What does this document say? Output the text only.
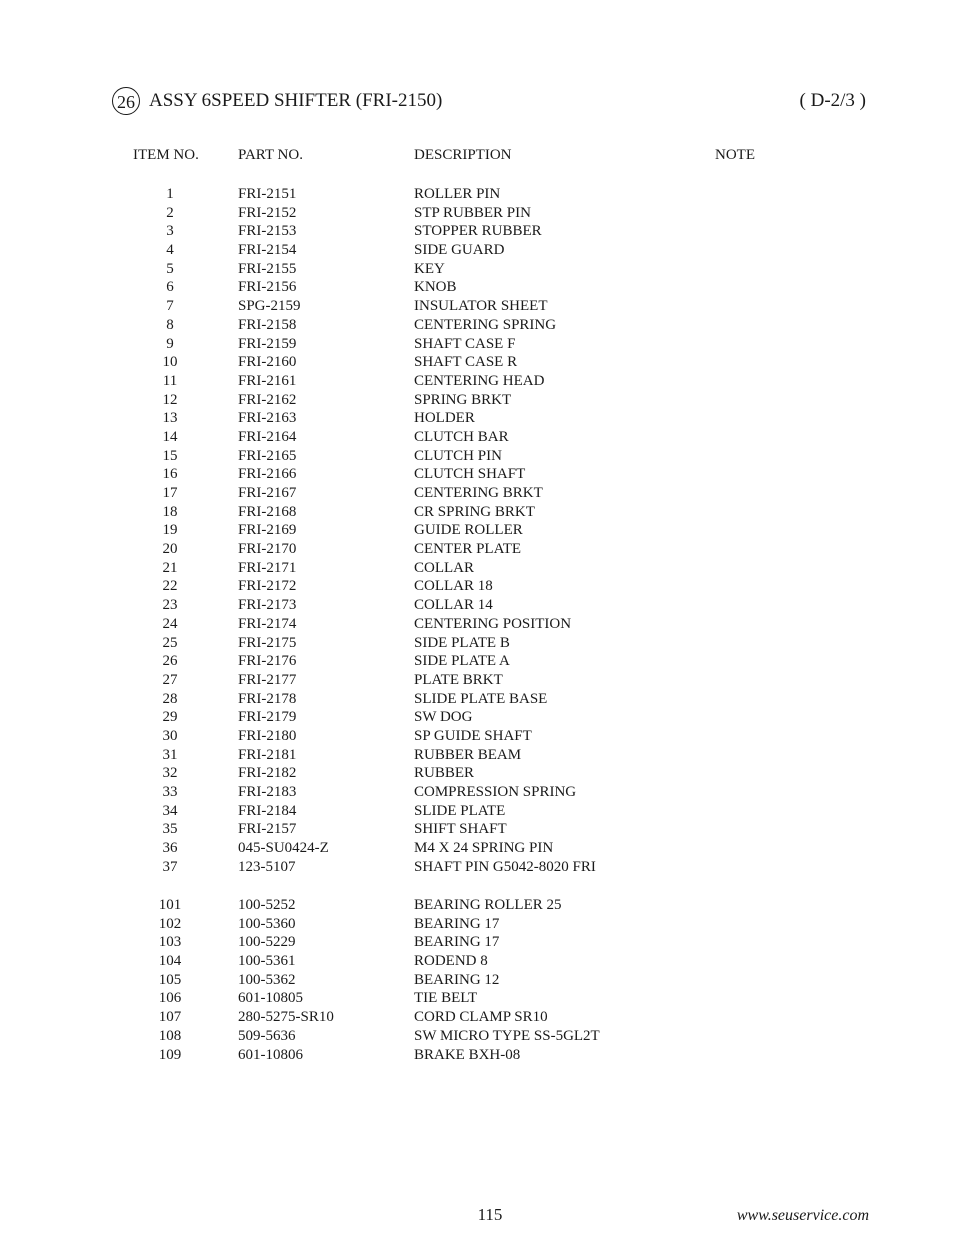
26 ASSY 6SPEED SHIFTER (FRI-2150)	( D-2/3 )
ITEM NO.	PART NO.	DESCRIPTION	NOTE
1	FRI-2151	ROLLER PIN
2	FRI-2152	STP RUBBER PIN
3	FRI-2153	STOPPER RUBBER
4	FRI-2154	SIDE GUARD
5	FRI-2155	KEY
6	FRI-2156	KNOB
7	SPG-2159	INSULATOR SHEET
8	FRI-2158	CENTERING SPRING
9	FRI-2159	SHAFT CASE F
10	FRI-2160	SHAFT CASE R
11	FRI-2161	CENTERING HEAD
12	FRI-2162	SPRING BRKT
13	FRI-2163	HOLDER
14	FRI-2164	CLUTCH BAR
15	FRI-2165	CLUTCH PIN
16	FRI-2166	CLUTCH SHAFT
17	FRI-2167	CENTERING BRKT
18	FRI-2168	CR SPRING BRKT
19	FRI-2169	GUIDE ROLLER
20	FRI-2170	CENTER PLATE
21	FRI-2171	COLLAR
22	FRI-2172	COLLAR 18
23	FRI-2173	COLLAR 14
24	FRI-2174	CENTERING POSITION
25	FRI-2175	SIDE PLATE B
26	FRI-2176	SIDE PLATE A
27	FRI-2177	PLATE BRKT
28	FRI-2178	SLIDE PLATE BASE
29	FRI-2179	SW DOG
30	FRI-2180	SP GUIDE SHAFT
31	FRI-2181	RUBBER BEAM
32	FRI-2182	RUBBER
33	FRI-2183	COMPRESSION SPRING
34	FRI-2184	SLIDE PLATE
35	FRI-2157	SHIFT SHAFT
36	045-SU0424-Z	M4 X 24 SPRING PIN
37	123-5107	SHAFT PIN G5042-8020 FRI
101	100-5252	BEARING ROLLER 25
102	100-5360	BEARING 17
103	100-5229	BEARING 17
104	100-5361	RODEND 8
105	100-5362	BEARING 12
106	601-10805	TIE BELT
107	280-5275-SR10	CORD CLAMP SR10
108	509-5636	SW MICRO TYPE SS-5GL2T
109	601-10806	BRAKE BXH-08
115	www.seuservice.com
